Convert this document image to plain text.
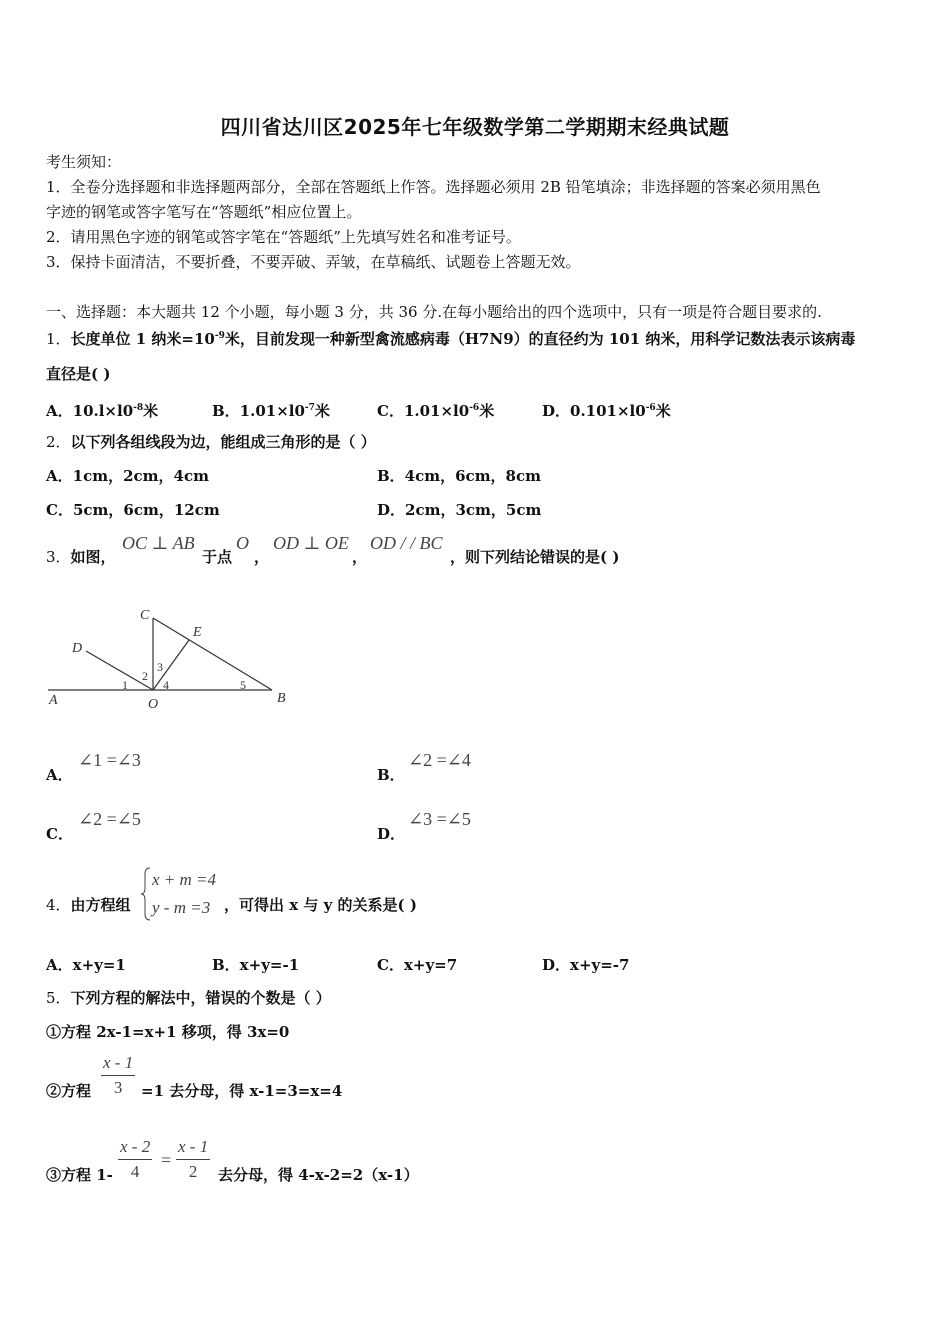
四川省达川区2025年七年级数学第二学期期末经典试题
考生须知：
1．全卷分选择题和非选择题两部分，全部在答题纸上作答。选择题必须用 2B 铅笔填涂；非选择题的答案必须用黑色
字迹的钢笔或答字笔写在“答题纸”相应位置上。
2．请用黑色字迹的钢笔或答字笔在“答题纸”上先填写姓名和准考证号。
3．保持卡面清洁，不要折叠，不要弄破、弄皱，在草稿纸、试题卷上答题无效。
一、选择题：本大题共 12 个小题，每小题 3 分，共 36 分.在每小题给出的四个选项中，只有一项是符合题目要求的.
1．长度单位 1 纳米$=10^{-9}$米，目前发现一种新型禽流感病毒（H7N9）的直径约为 101 纳米，用科学记数法表示该病毒
直径是( )
A．$10.l\times l0^{-8}$米	B．$1.01\times l0^{-7}$米	C．$1.01\times l0^{-6}$米	D．$0.101\times l0^{-6}$米
2．以下列各组线段为边，能组成三角形的是（ ）
A．1cm，2cm，4cm	B．4cm，6cm，8cm
C．5cm，6cm，12cm	D．2cm，3cm，5cm
3．如图，
OC ⊥ AB
于点
O
，
OD ⊥ OE
，
OD / / BC
，则下列结论错误的是( )
A	B
C
D
E
O
1
2
3
4	5
A．
∠1 =∠3
B．
∠2 =∠4
C．
∠2 =∠5
D．
∠3 =∠5
4．由方程组
x + m =4
y - m =3 ，可得出 x 与 y 的关系是( )
A．x+y=1	B．x+y=-1	C．x+y=7	D．x+y=-7
5．下列方程的解法中，错误的个数是（ ）
①方程 2x-1=x+1 移项，得 3x=0
②方程 $\frac{x - 1}{3} =1$ 去分母，得 x-1=3=x=4
③方程 $1- \frac{x - 2}{4} = \frac{x - 1}{2}$ 去分母，得 4-x-2=2（x-1）
